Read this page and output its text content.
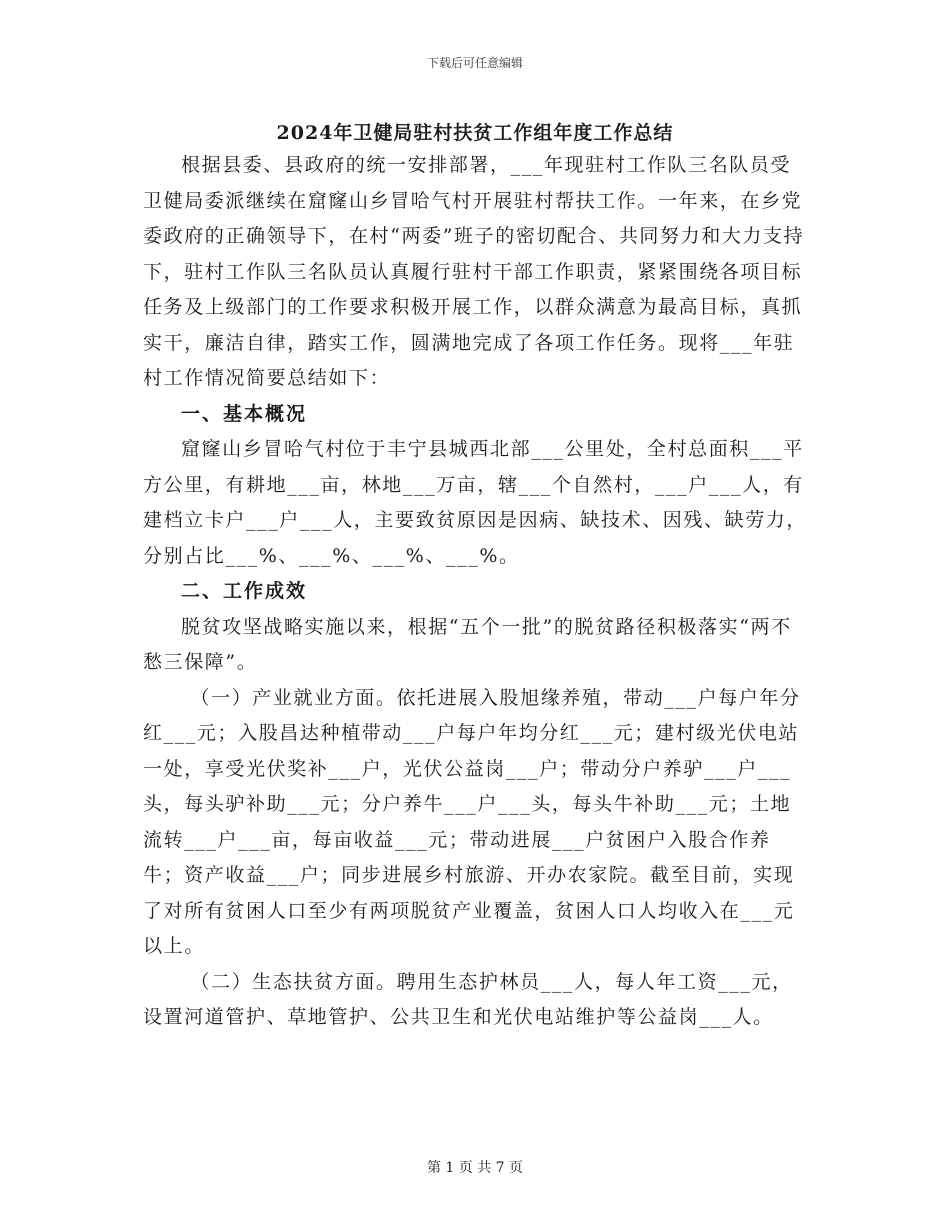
下载后可任意编辑
2024年卫健局驻村扶贫工作组年度工作总结

根据县委、县政府的统一安排部署，___年现驻村工作队三名队员受卫健局委派继续在窟窿山乡冒哈气村开展驻村帮扶工作。一年来，在乡党委政府的正确领导下，在村“两委”班子的密切配合、共同努力和大力支持下，驻村工作队三名队员认真履行驻村干部工作职责，紧紧围绕各项目标任务及上级部门的工作要求积极开展工作，以群众满意为最高目标，真抓实干，廉洁自律，踏实工作，圆满地完成了各项工作任务。现将___年驻村工作情况简要总结如下：

一、基本概况

窟窿山乡冒哈气村位于丰宁县城西北部___公里处，全村总面积___平方公里，有耕地___亩，林地___万亩，辖___个自然村，___户___人，有建档立卡户___户___人，主要致贫原因是因病、缺技术、因残、缺劳力，分别占比___%、___%、___%、___%。

二、工作成效

脱贫攻坚战略实施以来，根据“五个一批”的脱贫路径积极落实“两不愁三保障”。

（一）产业就业方面。依托进展入股旭缘养殖，带动___户每户年分红___元；入股昌达种植带动___户每户年均分红___元；建村级光伏电站一处，享受光伏奖补___户，光伏公益岗___户；带动分户养驴___户___头，每头驴补助___元；分户养牛___户___头，每头牛补助___元；土地流转___户___亩，每亩收益___元；带动进展___户贫困户入股合作养牛；资产收益___户；同步进展乡村旅游、开办农家院。截至目前，实现了对所有贫困人口至少有两项脱贫产业覆盖，贫困人口人均收入在___元以上。

（二）生态扶贫方面。聘用生态护林员___人，每人年工资___元，设置河道管护、草地管护、公共卫生和光伏电站维护等公益岗___人。

第 1 页 共 7 页
